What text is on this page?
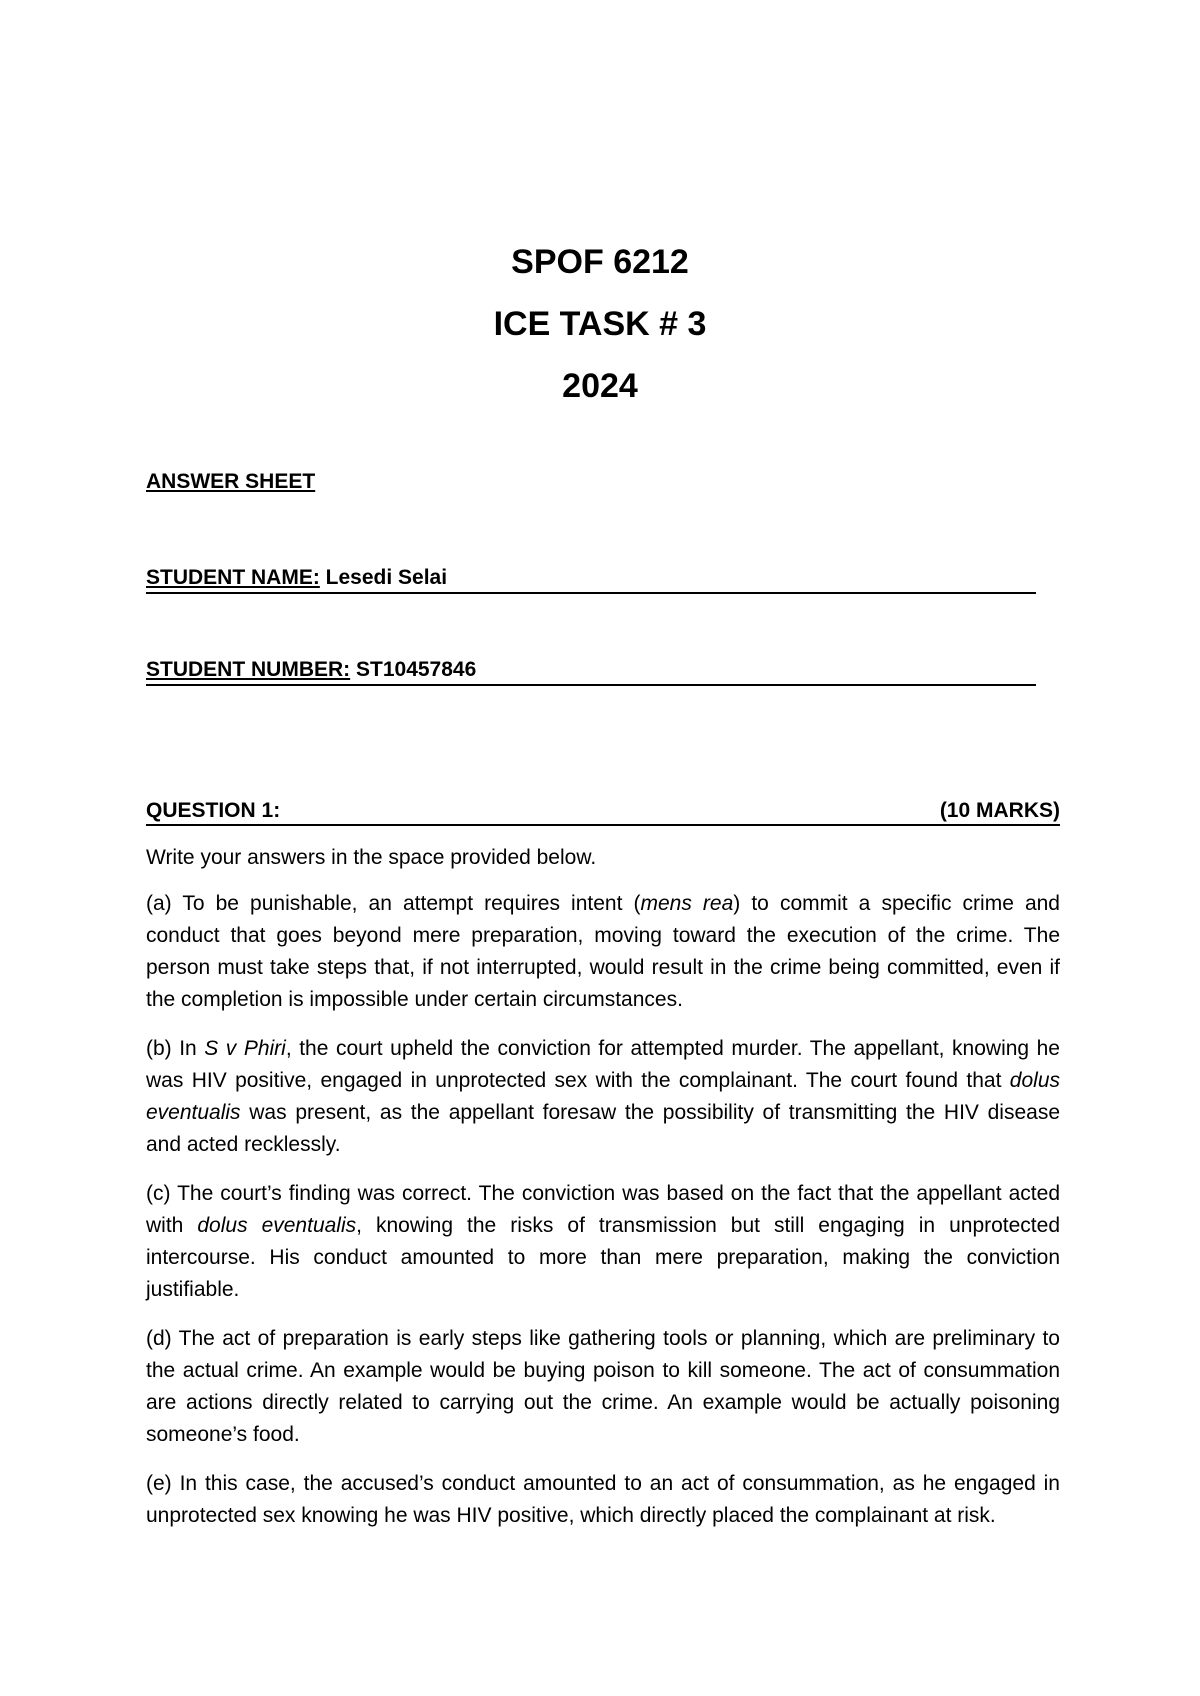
SPOF 6212
ICE TASK # 3
2024
ANSWER SHEET
STUDENT NAME: Lesedi Selai
STUDENT NUMBER: ST10457846
QUESTION 1:	(10 MARKS)

Write your answers in the space provided below.

(a) To be punishable, an attempt requires intent (mens rea) to commit a specific crime and conduct that goes beyond mere preparation, moving toward the execution of the crime. The person must take steps that, if not interrupted, would result in the crime being committed, even if the completion is impossible under certain circumstances.

(b) In S v Phiri, the court upheld the conviction for attempted murder. The appellant, knowing he was HIV positive, engaged in unprotected sex with the complainant. The court found that dolus eventualis was present, as the appellant foresaw the possibility of transmitting the HIV disease and acted recklessly.

(c) The court’s finding was correct. The conviction was based on the fact that the appellant acted with dolus eventualis, knowing the risks of transmission but still engaging in unprotected intercourse. His conduct amounted to more than mere preparation, making the conviction justifiable.

(d) The act of preparation is early steps like gathering tools or planning, which are preliminary to the actual crime. An example would be buying poison to kill someone. The act of consummation are actions directly related to carrying out the crime. An example would be actually poisoning someone’s food.

(e) In this case, the accused’s conduct amounted to an act of consummation, as he engaged in unprotected sex knowing he was HIV positive, which directly placed the complainant at risk.
